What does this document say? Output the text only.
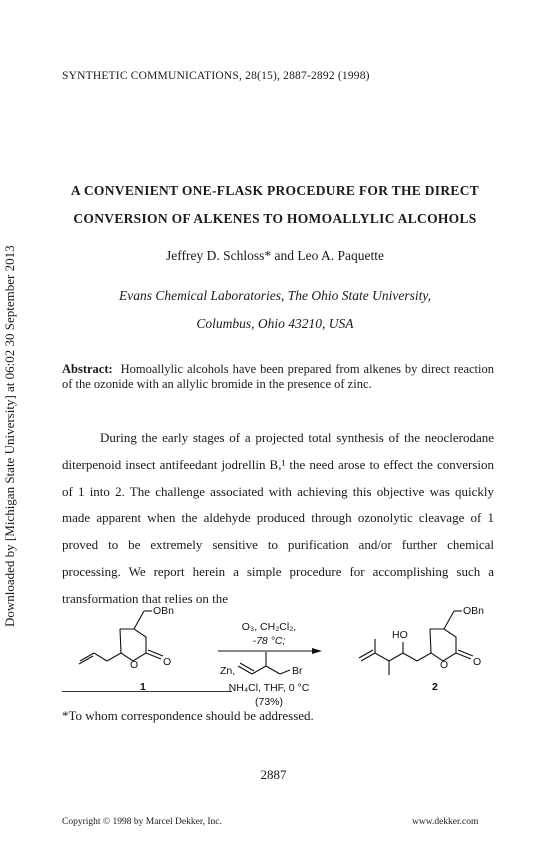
SYNTHETIC COMMUNICATIONS, 28(15), 2887-2892 (1998)
Downloaded by [Michigan State University] at 06:02 30 September 2013
A CONVENIENT ONE-FLASK PROCEDURE FOR THE DIRECT
CONVERSION OF ALKENES TO HOMOALLYLIC ALCOHOLS
Jeffrey D. Schloss* and Leo A. Paquette
Evans Chemical Laboratories, The Ohio State University,
Columbus, Ohio 43210, USA
Abstract: Homoallylic alcohols have been prepared from alkenes by direct reaction of the ozonide with an allylic bromide in the presence of zinc.

During the early stages of a projected total synthesis of the neoclerodane diterpenoid insect antifeedant jodrellin B,¹ the need arose to effect the conversion of 1 into 2. The challenge associated with achieving this objective was quickly made apparent when the aldehyde produced through ozonolytic cleavage of 1 proved to be extremely sensitive to purification and/or further chemical processing. We report herein a simple procedure for accomplishing such a transformation that relies on the

OBn
O O
1
O₃, CH₂Cl₂,
-78 °C;
Zn,	Br
NH₄Cl, THF, 0 °C
(73%)
HO
OBn
O O
2
*To whom correspondence should be addressed.
2887
Copyright © 1998 by Marcel Dekker, Inc.	www.dekker.com
